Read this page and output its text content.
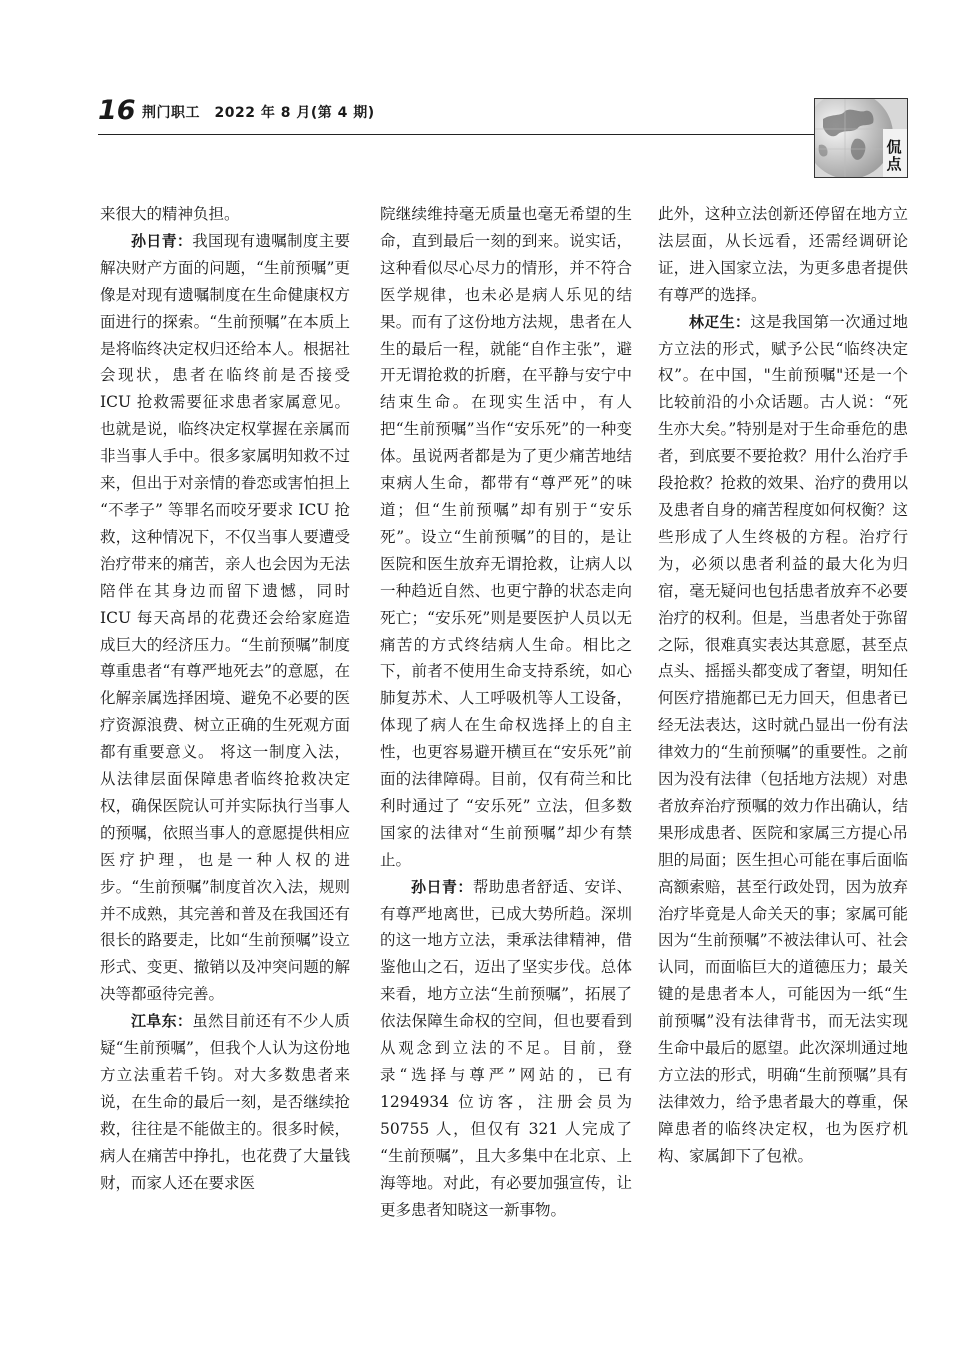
16 荆门职工　2022 年 8 月(第 4 期)
侃点

来很大的精神负担。

孙日青：我国现有遗嘱制度主要解决财产方面的问题，“生前预嘱”更像是对现有遗嘱制度在生命健康权方面进行的探索。“生前预嘱”在本质上是将临终决定权归还给本人。根据社会现状，患者在临终前是否接受 ICU 抢救需要征求患者家属意见。也就是说，临终决定权掌握在亲属而非当事人手中。很多家属明知救不过来，但出于对亲情的眷恋或害怕担上 “不孝子” 等罪名而咬牙要求 ICU 抢救，这种情况下，不仅当事人要遭受治疗带来的痛苦，亲人也会因为无法陪伴在其身边而留下遗憾，同时 ICU 每天高昂的花费还会给家庭造成巨大的经济压力。“生前预嘱”制度尊重患者“有尊严地死去”的意愿，在化解亲属选择困境、避免不必要的医疗资源浪费、树立正确的生死观方面都有重要意义。 将这一制度入法，从法律层面保障患者临终抢救决定权，确保医院认可并实际执行当事人的预嘱，依照当事人的意愿提供相应医疗护理，也是一种人权的进步。“生前预嘱”制度首次入法，规则并不成熟，其完善和普及在我国还有很长的路要走，比如“生前预嘱”设立形式、变更、撤销以及冲突问题的解决等都亟待完善。

江阜东：虽然目前还有不少人质疑“生前预嘱”，但我个人认为这份地方立法重若千钧。对大多数患者来说，在生命的最后一刻，是否继续抢救，往往是不能做主的。很多时候，病人在痛苦中挣扎，也花费了大量钱财，而家人还在要求医

院继续维持毫无质量也毫无希望的生命，直到最后一刻的到来。说实话，这种看似尽心尽力的情形，并不符合医学规律，也未必是病人乐见的结果。而有了这份地方法规，患者在人生的最后一程，就能“自作主张”，避开无谓抢救的折磨，在平静与安宁中结束生命。在现实生活中，有人把“生前预嘱”当作“安乐死”的一种变体。虽说两者都是为了更少痛苦地结束病人生命，都带有“尊严死”的味道；但“生前预嘱”却有别于“安乐死”。设立“生前预嘱”的目的，是让医院和医生放弃无谓抢救，让病人以一种趋近自然、也更宁静的状态走向死亡；“安乐死”则是要医护人员以无痛苦的方式终结病人生命。相比之下，前者不使用生命支持系统，如心肺复苏术、人工呼吸机等人工设备，体现了病人在生命权选择上的自主性，也更容易避开横亘在“安乐死”前面的法律障碍。目前，仅有荷兰和比利时通过了 “安乐死” 立法，但多数国家的法律对“生前预嘱”却少有禁止。

孙日青：帮助患者舒适、安详、有尊严地离世，已成大势所趋。深圳的这一地方立法，秉承法律精神，借鉴他山之石，迈出了坚实步伐。总体来看，地方立法“生前预嘱”，拓展了依法保障生命权的空间，但也要看到从观念到立法的不足。目前，登录“选择与尊严”网站的，已有 1294934 位访客，注册会员为 50755 人，但仅有 321 人完成了 “生前预嘱”，且大多集中在北京、上海等地。对此，有必要加强宣传，让更多患者知晓这一新事物。

此外，这种立法创新还停留在地方立法层面，从长远看，还需经调研论证，进入国家立法，为更多患者提供有尊严的选择。

林疋生：这是我国第一次通过地方立法的形式，赋予公民“临终决定权”。在中国，"生前预嘱"还是一个比较前沿的小众话题。古人说：“死生亦大矣。”特别是对于生命垂危的患者，到底要不要抢救？用什么治疗手段抢救？抢救的效果、治疗的费用以及患者自身的痛苦程度如何权衡？这些形成了人生终极的方程。治疗行为，必须以患者利益的最大化为归宿，毫无疑问也包括患者放弃不必要治疗的权利。但是，当患者处于弥留之际，很难真实表达其意愿，甚至点点头、摇摇头都变成了奢望，明知任何医疗措施都已无力回天，但患者已经无法表达，这时就凸显出一份有法律效力的“生前预嘱”的重要性。之前因为没有法律（包括地方法规）对患者放弃治疗预嘱的效力作出确认，结果形成患者、医院和家属三方提心吊胆的局面；医生担心可能在事后面临高额索赔，甚至行政处罚，因为放弃治疗毕竟是人命关天的事；家属可能因为“生前预嘱”不被法律认可、社会认同，而面临巨大的道德压力；最关键的是患者本人，可能因为一纸“生前预嘱”没有法律背书，而无法实现生命中最后的愿望。此次深圳通过地方立法的形式，明确“生前预嘱”具有法律效力，给予患者最大的尊重，保障患者的临终决定权，也为医疗机构、家属卸下了包袱。
